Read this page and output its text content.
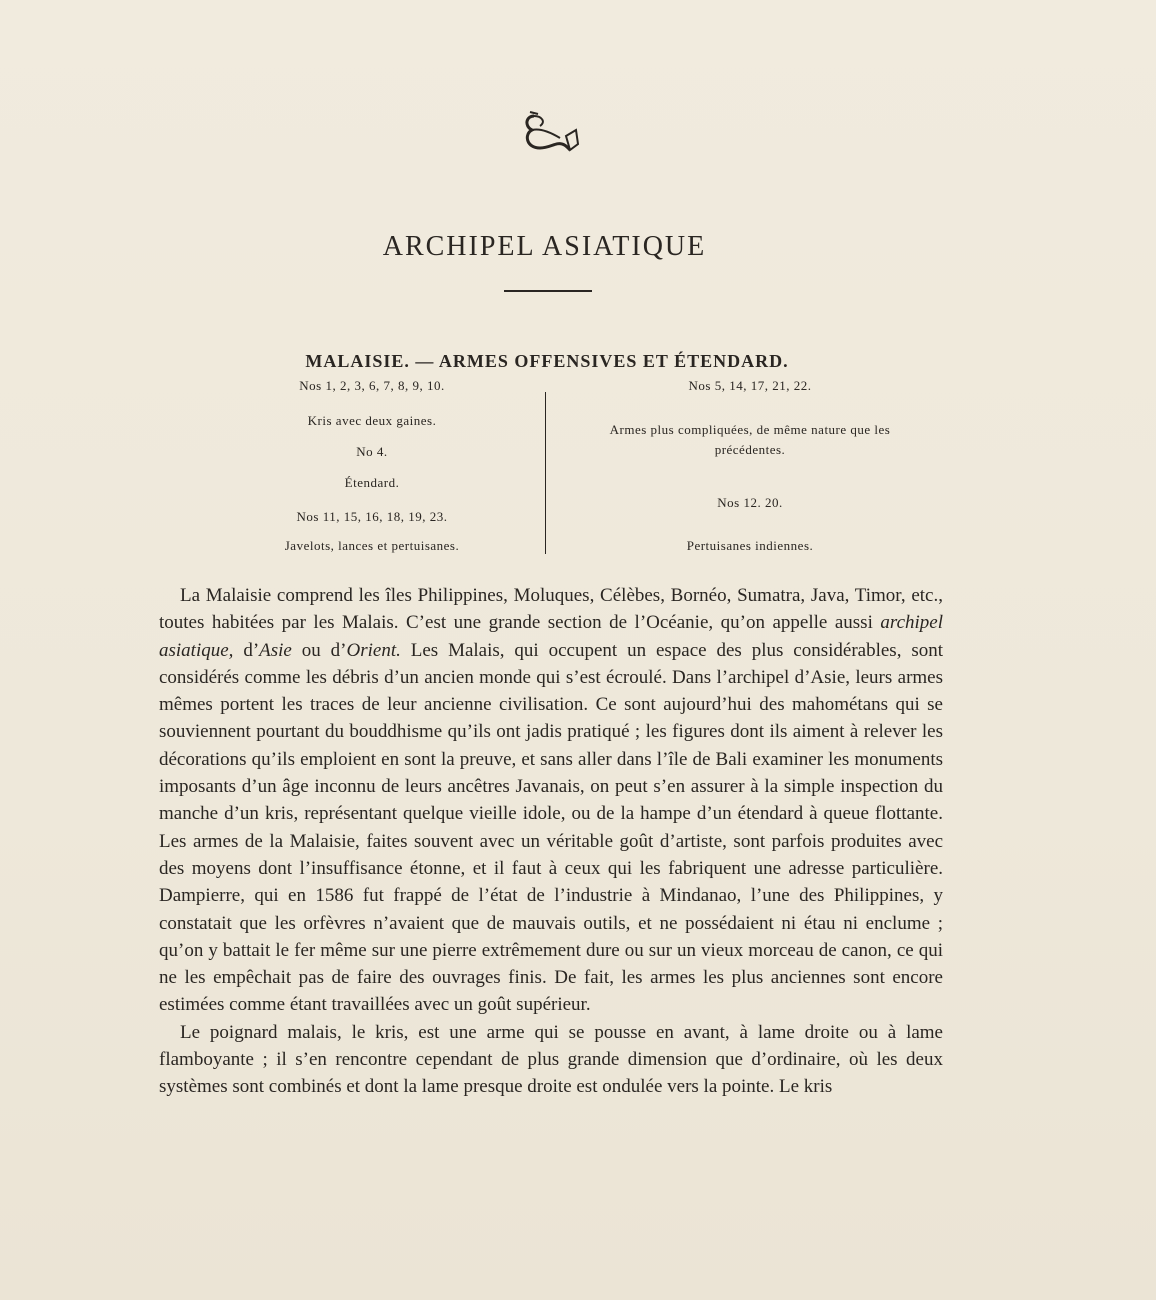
ARCHIPEL ASIATIQUE
MALAISIE. — ARMES OFFENSIVES ET ÉTENDARD.

Nos 1, 2, 3, 6, 7, 8, 9, 10.

Kris avec deux gaines.

No 4.

Étendard.

Nos 11, 15, 16, 18, 19, 23.

Javelots, lances et pertuisanes.

Nos 5, 14, 17, 21, 22.

Armes plus compliquées, de même nature que les

précédentes.

Nos 12. 20.

Pertuisanes indiennes.

La Malaisie comprend les îles Philippines, Moluques, Célèbes, Bornéo, Sumatra, Java, Timor, etc., toutes habitées par les Malais. C’est une grande section de l’Océanie, qu’on appelle aussi archipel asiatique, d’Asie ou d’Orient. Les Malais, qui occupent un espace des plus considérables, sont considérés comme les débris d’un ancien monde qui s’est écroulé. Dans l’archipel d’Asie, leurs armes mêmes portent les traces de leur ancienne civilisation. Ce sont aujourd’hui des mahométans qui se souviennent pourtant du bouddhisme qu’ils ont jadis pratiqué ; les figures dont ils aiment à relever les décorations qu’ils emploient en sont la preuve, et sans aller dans l’île de Bali examiner les monuments imposants d’un âge inconnu de leurs ancêtres Javanais, on peut s’en assurer à la simple inspection du manche d’un kris, représentant quelque vieille idole, ou de la hampe d’un étendard à queue flottante. Les armes de la Malaisie, faites souvent avec un véritable goût d’artiste, sont parfois produites avec des moyens dont l’insuffisance étonne, et il faut à ceux qui les fabriquent une adresse particulière. Dampierre, qui en 1586 fut frappé de l’état de l’industrie à Mindanao, l’une des Philippines, y constatait que les orfèvres n’avaient que de mauvais outils, et ne possédaient ni étau ni enclume ; qu’on y battait le fer même sur une pierre extrêmement dure ou sur un vieux morceau de canon, ce qui ne les empêchait pas de faire des ouvrages finis. De fait, les armes les plus anciennes sont encore estimées comme étant travaillées avec un goût supérieur.

Le poignard malais, le kris, est une arme qui se pousse en avant, à lame droite ou à lame flamboyante ; il s’en rencontre cependant de plus grande dimension que d’ordinaire, où les deux systèmes sont combinés et dont la lame presque droite est ondulée vers la pointe. Le kris
